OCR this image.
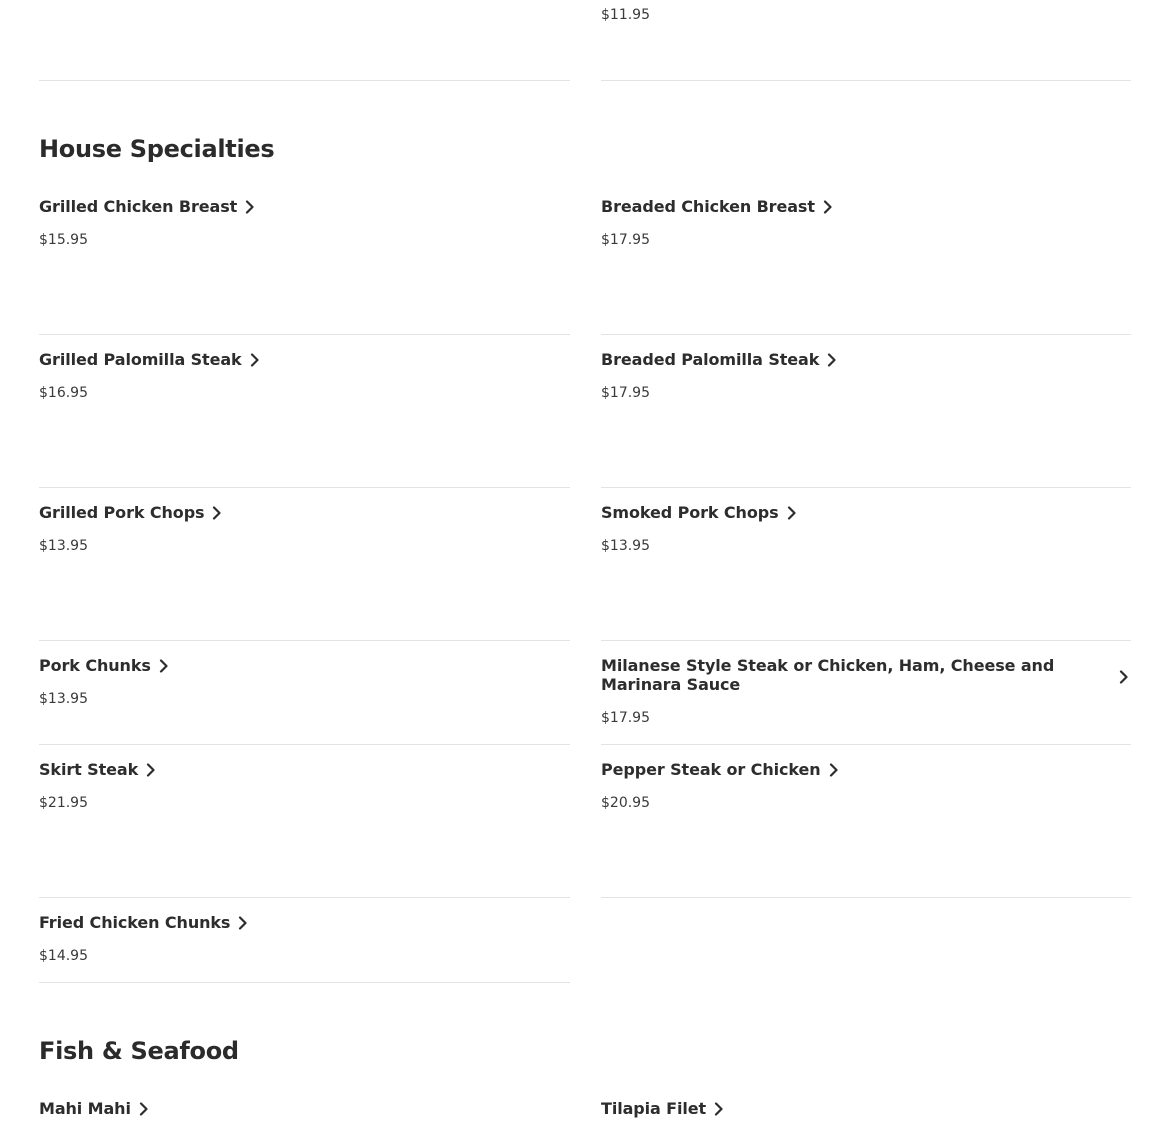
$11.95
House Specialties
Grilled Chicken Breast
$15.95
Breaded Chicken Breast
$17.95
Grilled Palomilla Steak
$16.95
Breaded Palomilla Steak
$17.95
Grilled Pork Chops
$13.95
Smoked Pork Chops
$13.95
Pork Chunks
$13.95
Milanese Style Steak or Chicken, Ham, Cheese and Marinara Sauce
$17.95
Skirt Steak
$21.95
Pepper Steak or Chicken
$20.95
Fried Chicken Chunks
$14.95
Fish & Seafood
Mahi Mahi	Tilapia Filet
